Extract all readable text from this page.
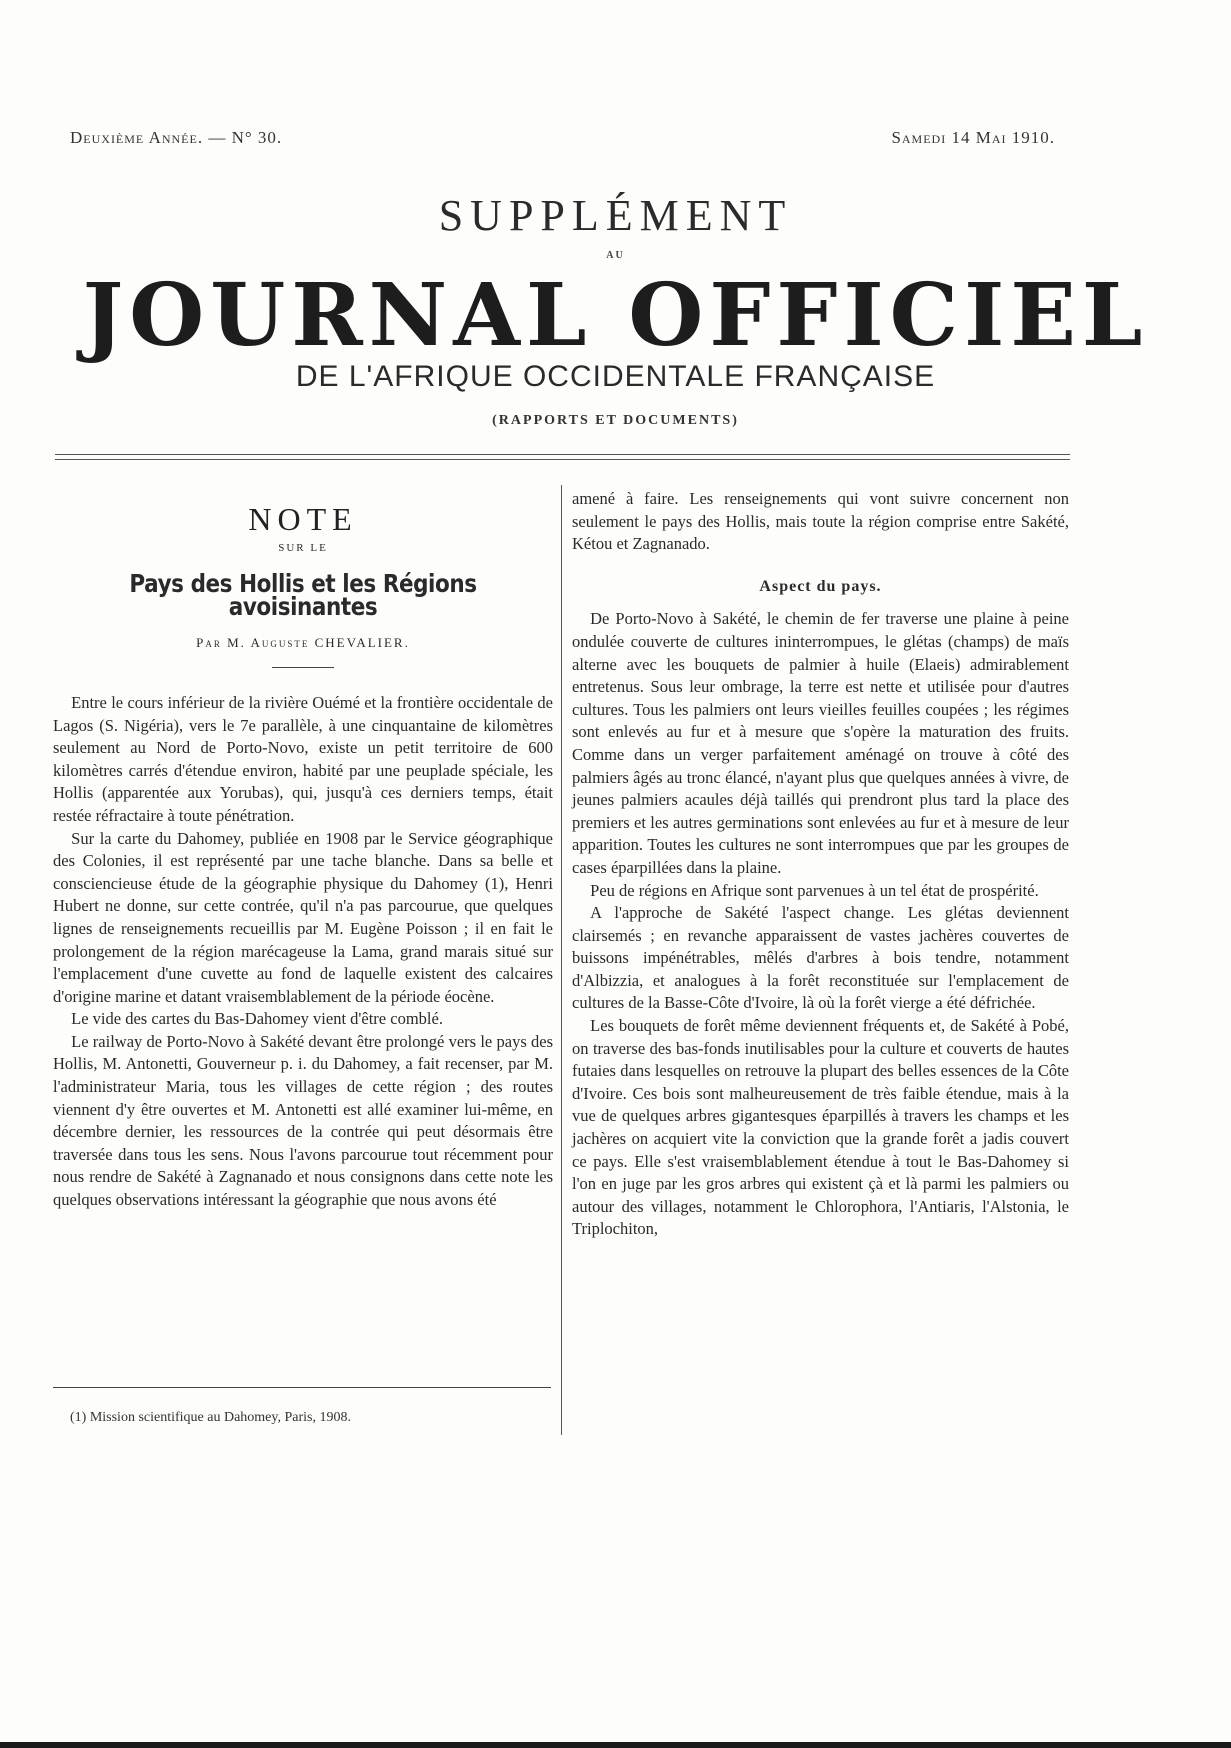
Deuxième Année. — N° 30.	Samedi 14 Mai 1910.
SUPPLÉMENT
AU
JOURNAL OFFICIEL
DE L'AFRIQUE OCCIDENTALE FRANÇAISE
(RAPPORTS ET DOCUMENTS)
NOTE
SUR LE
Pays des Hollis et les Régions avoisinantes
Par M. Auguste CHEVALIER.

Entre le cours inférieur de la rivière Ouémé et la frontière occidentale de Lagos (S. Nigéria), vers le 7e parallèle, à une cinquantaine de kilomètres seulement au Nord de Porto-Novo, existe un petit territoire de 600 kilomètres carrés d'étendue environ, habité par une peuplade spéciale, les Hollis (apparentée aux Yorubas), qui, jusqu'à ces derniers temps, était restée réfractaire à toute pénétration.

Sur la carte du Dahomey, publiée en 1908 par le Service géographique des Colonies, il est représenté par une tache blanche. Dans sa belle et consciencieuse étude de la géographie physique du Dahomey (1), Henri Hubert ne donne, sur cette contrée, qu'il n'a pas parcourue, que quelques lignes de renseignements recueillis par M. Eugène Poisson ; il en fait le prolongement de la région marécageuse la Lama, grand marais situé sur l'emplacement d'une cuvette au fond de laquelle existent des calcaires d'origine marine et datant vraisemblablement de la période éocène.

Le vide des cartes du Bas-Dahomey vient d'être comblé.

Le railway de Porto-Novo à Sakété devant être prolongé vers le pays des Hollis, M. Antonetti, Gouverneur p. i. du Dahomey, a fait recenser, par M. l'administrateur Maria, tous les villages de cette région ; des routes viennent d'y être ouvertes et M. Antonetti est allé examiner lui-même, en décembre dernier, les ressources de la contrée qui peut désormais être traversée dans tous les sens. Nous l'avons parcourue tout récemment pour nous rendre de Sakété à Zagnanado et nous consignons dans cette note les quelques observations intéressant la géographie que nous avons été

(1) Mission scientifique au Dahomey, Paris, 1908.

amené à faire. Les renseignements qui vont suivre concernent non seulement le pays des Hollis, mais toute la région comprise entre Sakété, Kétou et Zagnanado.

Aspect du pays.

De Porto-Novo à Sakété, le chemin de fer traverse une plaine à peine ondulée couverte de cultures ininterrompues, le glétas (champs) de maïs alterne avec les bouquets de palmier à huile (Elaeis) admirablement entretenus. Sous leur ombrage, la terre est nette et utilisée pour d'autres cultures. Tous les palmiers ont leurs vieilles feuilles coupées ; les régimes sont enlevés au fur et à mesure que s'opère la maturation des fruits. Comme dans un verger parfaitement aménagé on trouve à côté des palmiers âgés au tronc élancé, n'ayant plus que quelques années à vivre, de jeunes palmiers acaules déjà taillés qui prendront plus tard la place des premiers et les autres germinations sont enlevées au fur et à mesure de leur apparition. Toutes les cultures ne sont interrompues que par les groupes de cases éparpillées dans la plaine.

Peu de régions en Afrique sont parvenues à un tel état de prospérité.

A l'approche de Sakété l'aspect change. Les glétas deviennent clairsemés ; en revanche apparaissent de vastes jachères couvertes de buissons impénétrables, mêlés d'arbres à bois tendre, notamment d'Albizzia, et analogues à la forêt reconstituée sur l'emplacement de cultures de la Basse-Côte d'Ivoire, là où la forêt vierge a été défrichée.

Les bouquets de forêt même deviennent fréquents et, de Sakété à Pobé, on traverse des bas-fonds inutilisables pour la culture et couverts de hautes futaies dans lesquelles on retrouve la plupart des belles essences de la Côte d'Ivoire. Ces bois sont malheureusement de très faible étendue, mais à la vue de quelques arbres gigantesques éparpillés à travers les champs et les jachères on acquiert vite la conviction que la grande forêt a jadis couvert ce pays. Elle s'est vraisemblablement étendue à tout le Bas-Dahomey si l'on en juge par les gros arbres qui existent çà et là parmi les palmiers ou autour des villages, notamment le Chlorophora, l'Antiaris, l'Alstonia, le Triplochiton,
